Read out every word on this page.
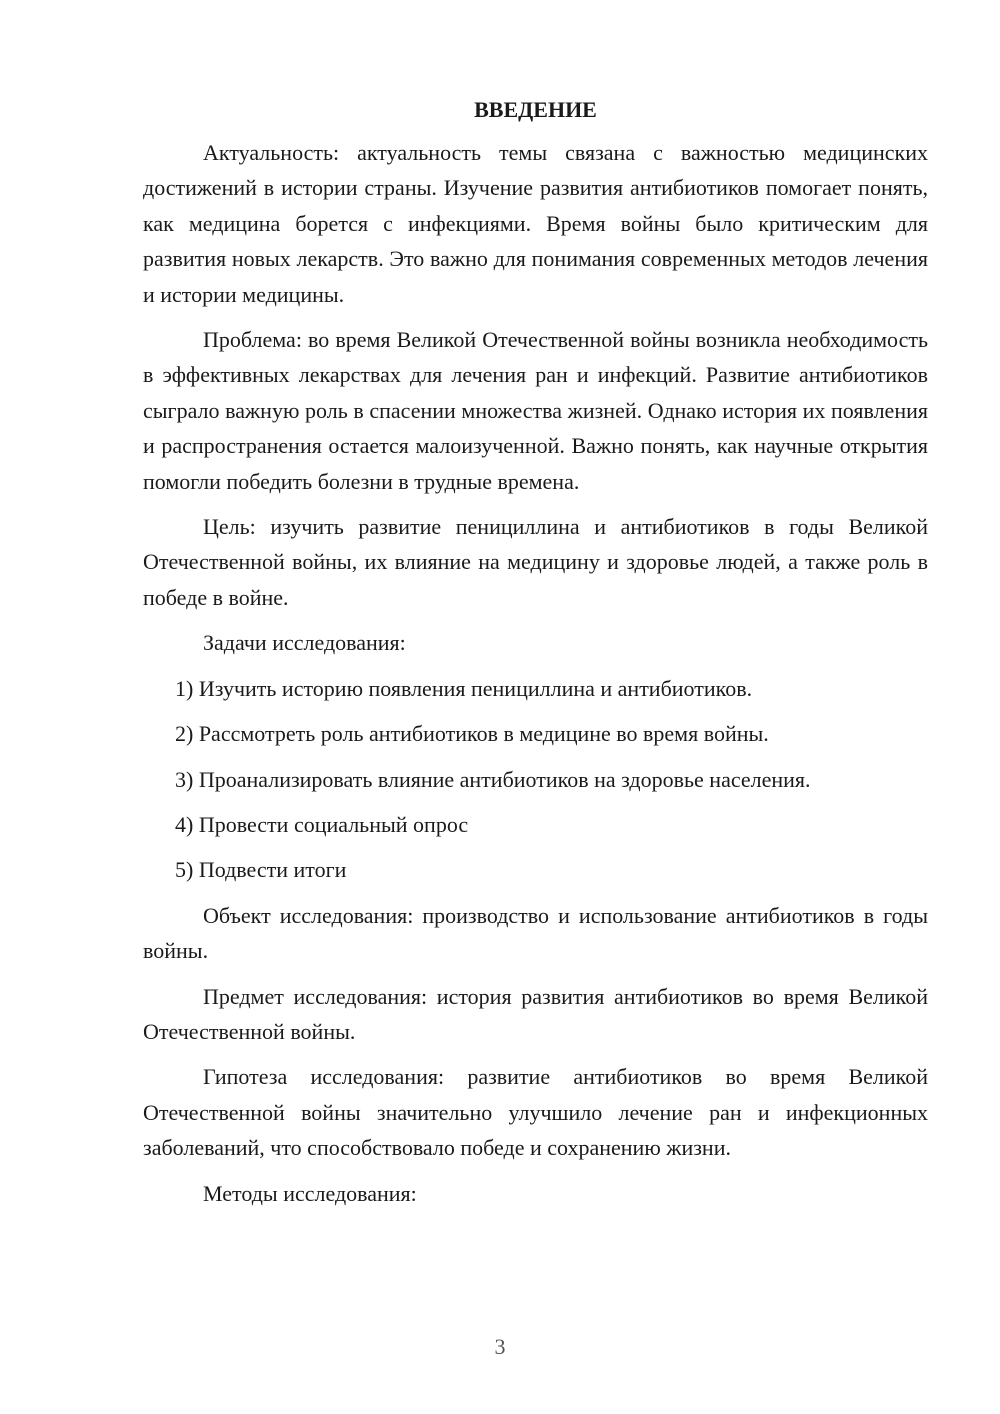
ВВЕДЕНИЕ

Актуальность: актуальность темы связана с важностью медицинских достижений в истории страны. Изучение развития антибиотиков помогает понять, как медицина борется с инфекциями. Время войны было критическим для развития новых лекарств. Это важно для понимания современных методов лечения и истории медицины.

Проблема: во время Великой Отечественной войны возникла необходимость в эффективных лекарствах для лечения ран и инфекций. Развитие антибиотиков сыграло важную роль в спасении множества жизней. Однако история их появления и распространения остается малоизученной. Важно понять, как научные открытия помогли победить болезни в трудные времена.

Цель: изучить развитие пенициллина и антибиотиков в годы Великой Отечественной войны, их влияние на медицину и здоровье людей, а также роль в победе в войне.

Задачи исследования:

1) Изучить историю появления пенициллина и антибиотиков.
2) Рассмотреть роль антибиотиков в медицине во время войны.
3) Проанализировать влияние антибиотиков на здоровье населения.
4) Провести социальный опрос
5) Подвести итоги

Объект исследования: производство и использование антибиотиков в годы войны.

Предмет исследования: история развития антибиотиков во время Великой Отечественной войны.

Гипотеза исследования: развитие антибиотиков во время Великой Отечественной войны значительно улучшило лечение ран и инфекционных заболеваний, что способствовало победе и сохранению жизни.

Методы исследования:

3
